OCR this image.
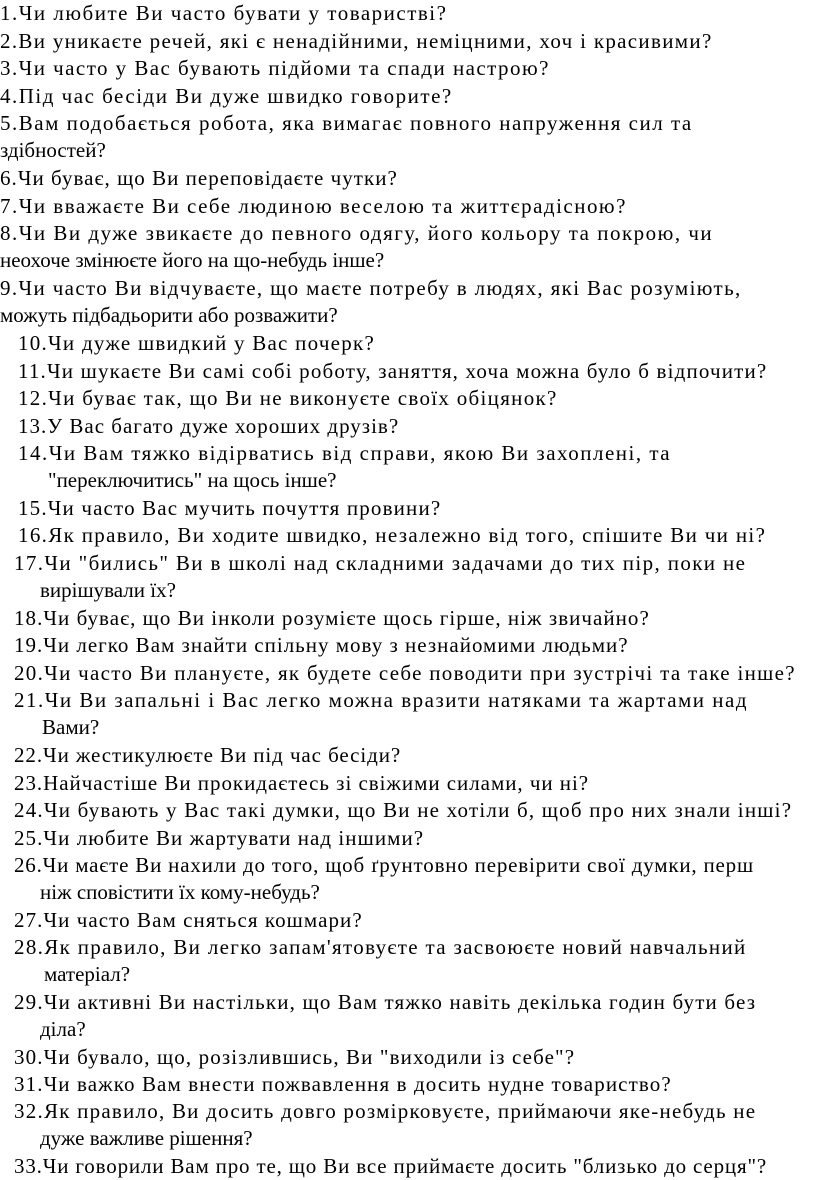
1.Чи любите Ви часто бувати у товаристві?

2.Ви уникаєте речей, які є ненадійними, неміцними, хоч і красивими?

3.Чи часто у Вас бувають підйоми та спади настрою?

4.Під час бесіди Ви дуже швидко говорите?

5.Вам подобається робота, яка вимагає повного напруження сил та
здібностей?

6.Чи буває, що Ви переповідаєте чутки?

7.Чи вважаєте Ви себе людиною веселою та життєрадісною?

8.Чи Ви дуже звикаєте до певного одягу, його кольору та покрою, чи
неохоче змінюєте його на що-небудь інше?

9.Чи часто Ви відчуваєте, що маєте потребу в людях, які Вас розуміють,
можуть підбадьорити або розважити?

10.Чи дуже швидкий у Вас почерк?

11.Чи шукаєте Ви самі собі роботу, заняття, хоча можна було б відпочити?

12.Чи буває так, що Ви не виконуєте своїх обіцянок?

13.У Вас багато дуже хороших друзів?

14.Чи Вам тяжко відірватись від справи, якою Ви захоплені, та
"переключитись" на щось інше?

15.Чи часто Вас мучить почуття провини?

16.Як правило, Ви ходите швидко, незалежно від того, спішите Ви чи ні?

17.Чи "бились" Ви в школі над складними задачами до тих пір, поки не
вирішували їх?

18.Чи буває, що Ви інколи розумієте щось гірше, ніж звичайно?

19.Чи легко Вам знайти спільну мову з незнайомими людьми?

20.Чи часто Ви плануєте, як будете себе поводити при зустрічі та таке інше?

21.Чи Ви запальні і Вас легко можна вразити натяками та жартами над
Вами?

22.Чи жестикулюєте Ви під час бесіди?

23.Найчастіше Ви прокидаєтесь зі свіжими силами, чи ні?

24.Чи бувають у Вас такі думки, що Ви не хотіли б, щоб про них знали інші?

25.Чи любите Ви жартувати над іншими?

26.Чи маєте Ви нахили до того, щоб ґрунтовно перевірити свої думки, перш
ніж сповістити їх кому-небудь?

27.Чи часто Вам сняться кошмари?

28.Як правило, Ви легко запам'ятовуєте та засвоюєте новий навчальний
матеріал?

29.Чи активні Ви настільки, що Вам тяжко навіть декілька годин бути без
діла?

30.Чи бувало, що, розізлившись, Ви "виходили із себе"?

31.Чи важко Вам внести пожвавлення в досить нудне товариство?

32.Як правило, Ви досить довго розмірковуєте, приймаючи яке-небудь не
дуже важливе рішення?

33.Чи говорили Вам про те, що Ви все приймаєте досить "близько до серця"?
